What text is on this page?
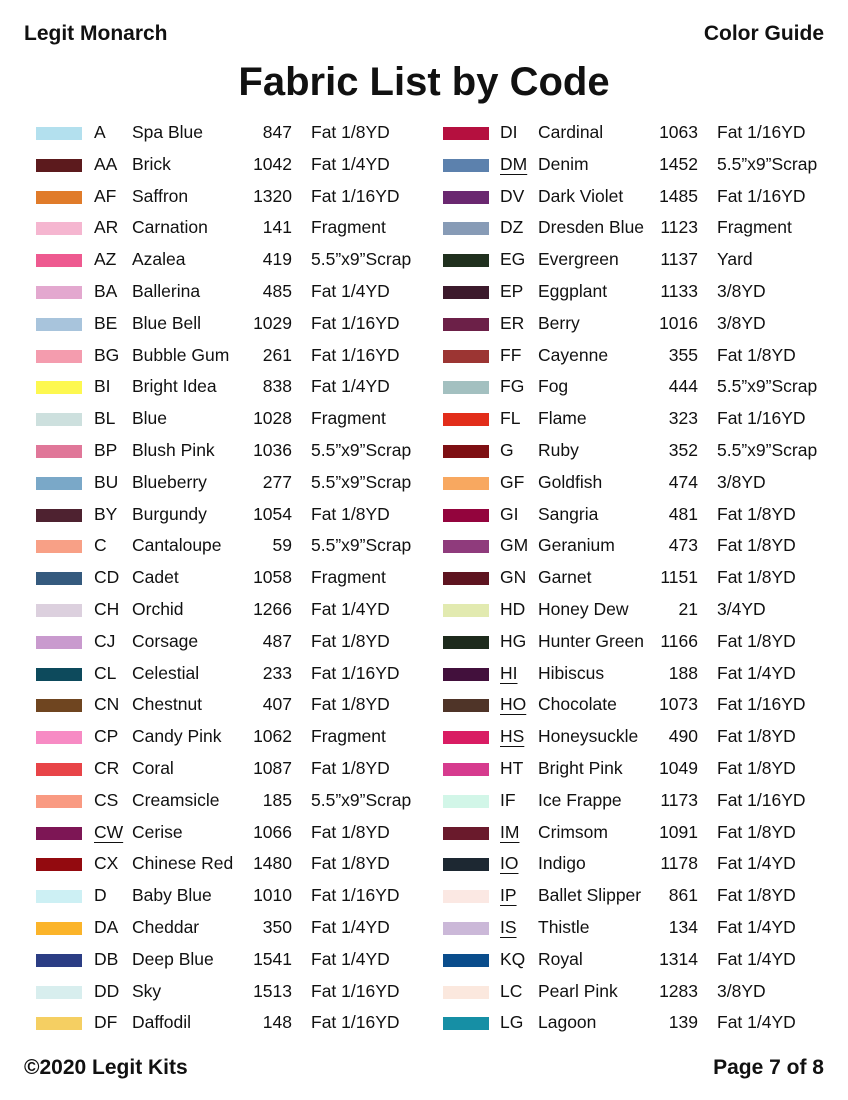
Legit Monarch	Color Guide
Fabric List by Code
A Spa Blue	847 Fat 1/8YD
AA Brick	1042 Fat 1/4YD
AF Saffron	1320 Fat 1/16YD
AR Carnation	141 Fragment
AZ Azalea	419 5.5”x9”Scrap
BA Ballerina	485 Fat 1/4YD
BE Blue Bell	1029 Fat 1/16YD
BG Bubble Gum	261 Fat 1/16YD
BI Bright Idea	838 Fat 1/4YD
BL Blue	1028 Fragment
BP Blush Pink	1036 5.5”x9”Scrap
BU Blueberry	277 5.5”x9”Scrap
BY Burgundy	1054 Fat 1/8YD
C Cantaloupe	59 5.5”x9”Scrap
CD Cadet	1058 Fragment
CH Orchid	1266 Fat 1/4YD
CJ Corsage	487 Fat 1/8YD
CL Celestial	233 Fat 1/16YD
CN Chestnut	407 Fat 1/8YD
CP Candy Pink	1062 Fragment
CR Coral	1087 Fat 1/8YD
CS Creamsicle	185 5.5”x9”Scrap
CW Cerise	1066 Fat 1/8YD
CX Chinese Red	1480 Fat 1/8YD
D Baby Blue	1010 Fat 1/16YD
DA Cheddar	350 Fat 1/4YD
DB Deep Blue	1541 Fat 1/4YD
DD Sky	1513 Fat 1/16YD
DF Daffodil	148 Fat 1/16YD
DI Cardinal	1063 Fat 1/16YD
DM Denim	1452 5.5”x9”Scrap
DV Dark Violet	1485 Fat 1/16YD
DZ Dresden Blue 1123 Fragment
EG Evergreen	1137 Yard
EP Eggplant	1133 3/8YD
ER Berry	1016 3/8YD
FF Cayenne	355 Fat 1/8YD
FG Fog	444 5.5”x9”Scrap
FL Flame	323 Fat 1/16YD
G Ruby	352 5.5”x9”Scrap
GF Goldfish	474 3/8YD
GI Sangria	481 Fat 1/8YD
GM Geranium	473 Fat 1/8YD
GN Garnet	1151 Fat 1/8YD
HD Honey Dew	21 3/4YD
HG Hunter Green 1166 Fat 1/8YD
HI Hibiscus	188 Fat 1/4YD
HO Chocolate	1073 Fat 1/16YD
HS Honeysuckle	490 Fat 1/8YD
HT Bright Pink	1049 Fat 1/8YD
IF Ice Frappe	1173 Fat 1/16YD
IM Crimsom	1091 Fat 1/8YD
IO Indigo	1178 Fat 1/4YD
IP Ballet Slipper	861 Fat 1/8YD
IS Thistle	134 Fat 1/4YD
KQ Royal	1314 Fat 1/4YD
LC Pearl Pink	1283 3/8YD
LG Lagoon	139 Fat 1/4YD
©2020 Legit Kits	Page 7 of 8
